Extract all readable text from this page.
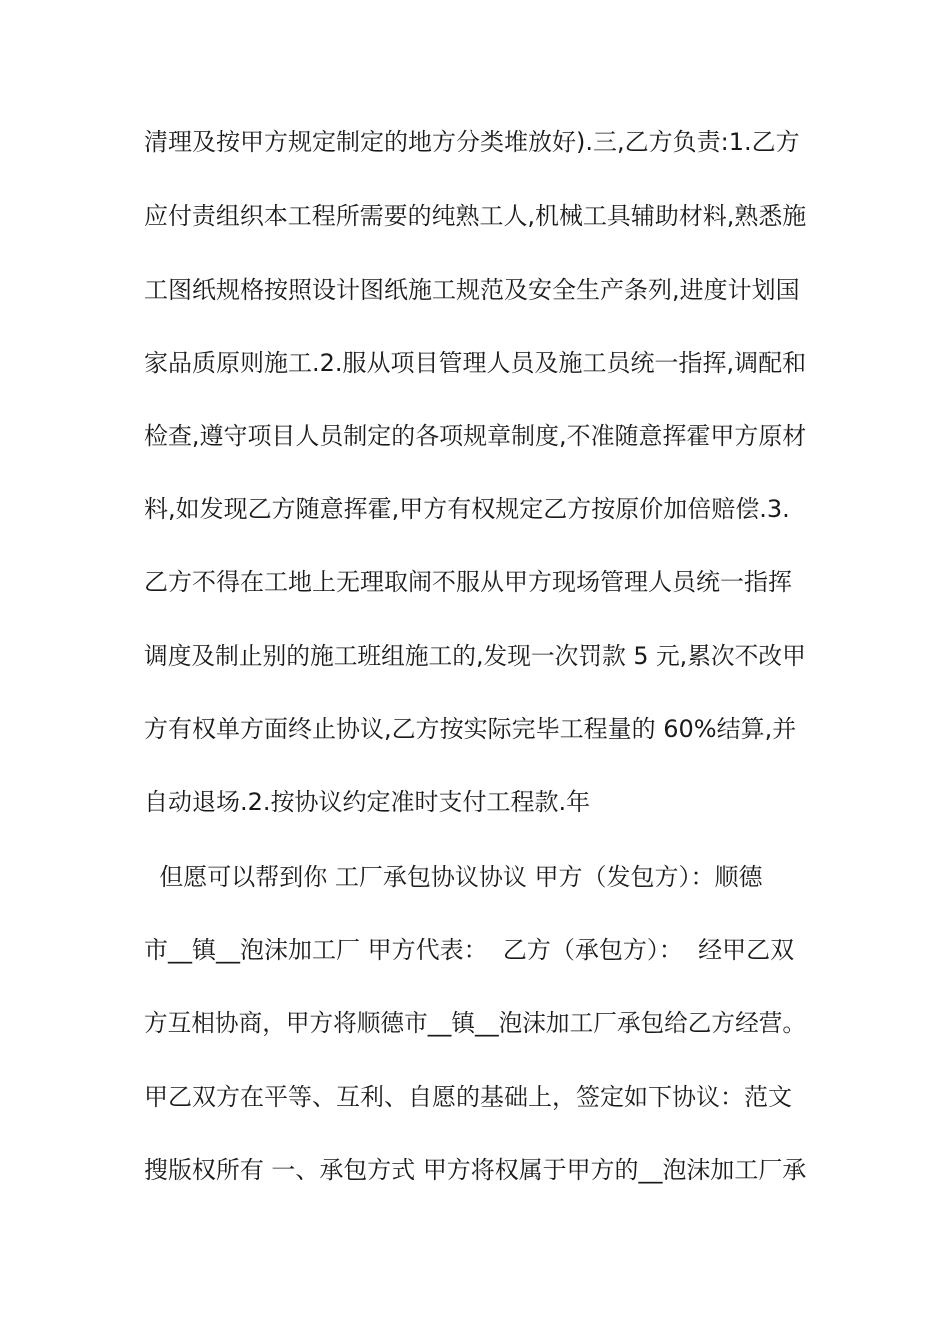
清理及按甲方规定制定的地方分类堆放好).三,乙方负责:1.乙方
应付责组织本工程所需要的纯熟工人,机械工具辅助材料,熟悉施
工图纸规格按照设计图纸施工规范及安全生产条列,进度计划国
家品质原则施工.2.服从项目管理人员及施工员统一指挥,调配和
检查,遵守项目人员制定的各项规章制度,不准随意挥霍甲方原材
料,如发现乙方随意挥霍,甲方有权规定乙方按原价加倍赔偿.3.
乙方不得在工地上无理取闹不服从甲方现场管理人员统一指挥
调度及制止别的施工班组施工的,发现一次罚款 5 元,累次不改甲
方有权单方面终止协议,乙方按实际完毕工程量的 60%结算,并
自动退场.2.按协议约定准时支付工程款.年
但愿可以帮到你 工厂承包协议协议 甲方（发包方）：顺德
市__镇__泡沫加工厂 甲方代表：  乙方（承包方）：  经甲乙双
方互相协商，甲方将顺德市__镇__泡沫加工厂承包给乙方经营。
甲乙双方在平等、互利、自愿的基础上，签定如下协议：范文
搜版权所有 一、承包方式 甲方将权属于甲方的__泡沫加工厂承
